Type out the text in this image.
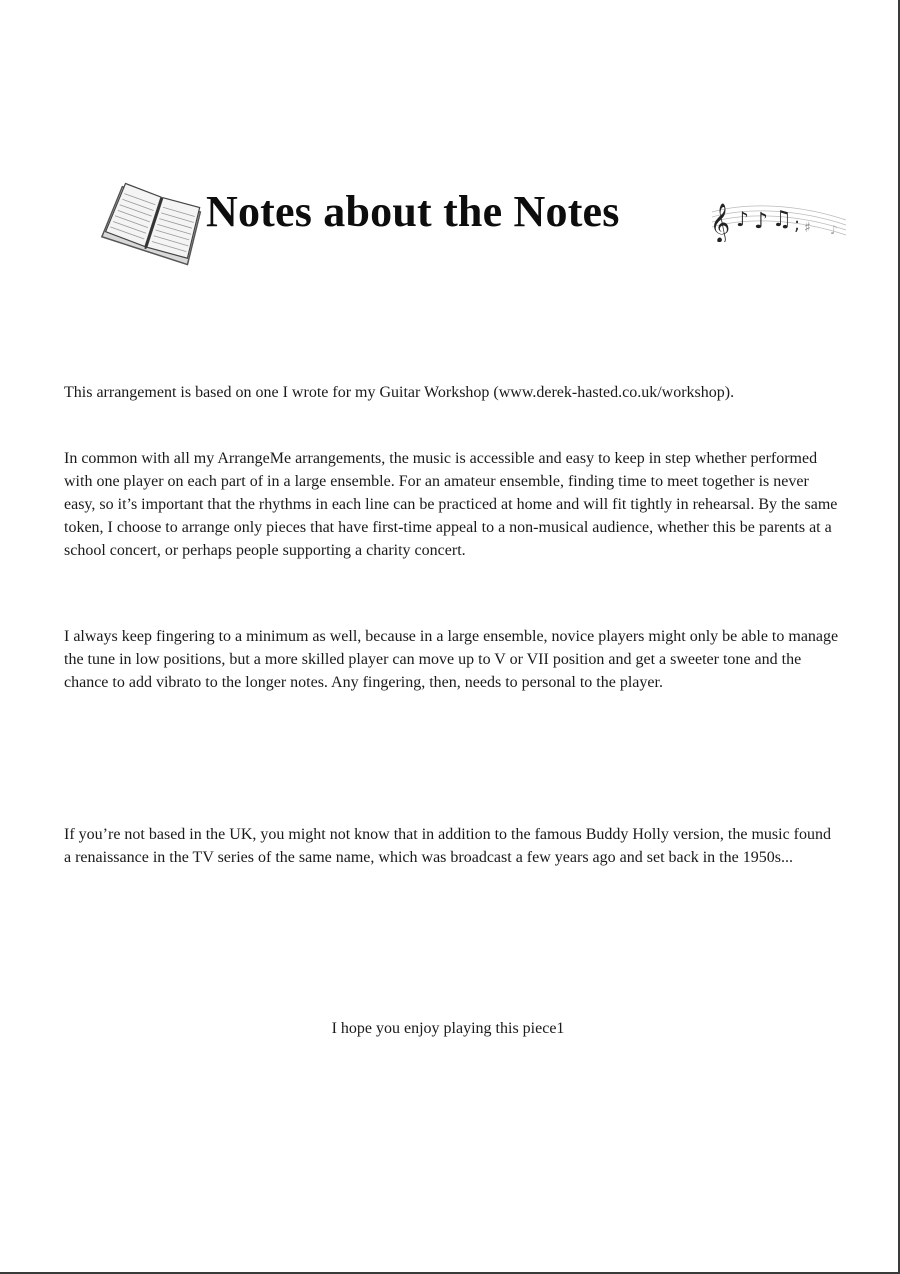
Notes about the Notes	𝄞 ♪ ♪ ♫ ; ♯ ♪

This arrangement is based on one I wrote for my Guitar Workshop (www.derek-hasted.co.uk/workshop).

In common with all my ArrangeMe arrangements, the music is accessible and easy to keep in step whether performed with one player on each part of in a large ensemble. For an amateur ensemble, finding time to meet together is never easy, so it’s important that the rhythms in each line can be practiced at home and will fit tightly in rehearsal. By the same token, I choose to arrange only pieces that have first-time appeal to a non-musical audience, whether this be parents at a school concert, or perhaps people supporting a charity concert.

I always keep fingering to a minimum as well, because in a large ensemble, novice players might only be able to manage the tune in low positions, but a more skilled player can move up to V or VII position and get a sweeter tone and the chance to add vibrato to the longer notes. Any fingering, then, needs to personal to the player.

If you’re not based in the UK, you might not know that in addition to the famous Buddy Holly version, the music found a renaissance in the TV series of the same name, which was broadcast a few years ago and set back in the 1950s...

I hope you enjoy playing this piece1
